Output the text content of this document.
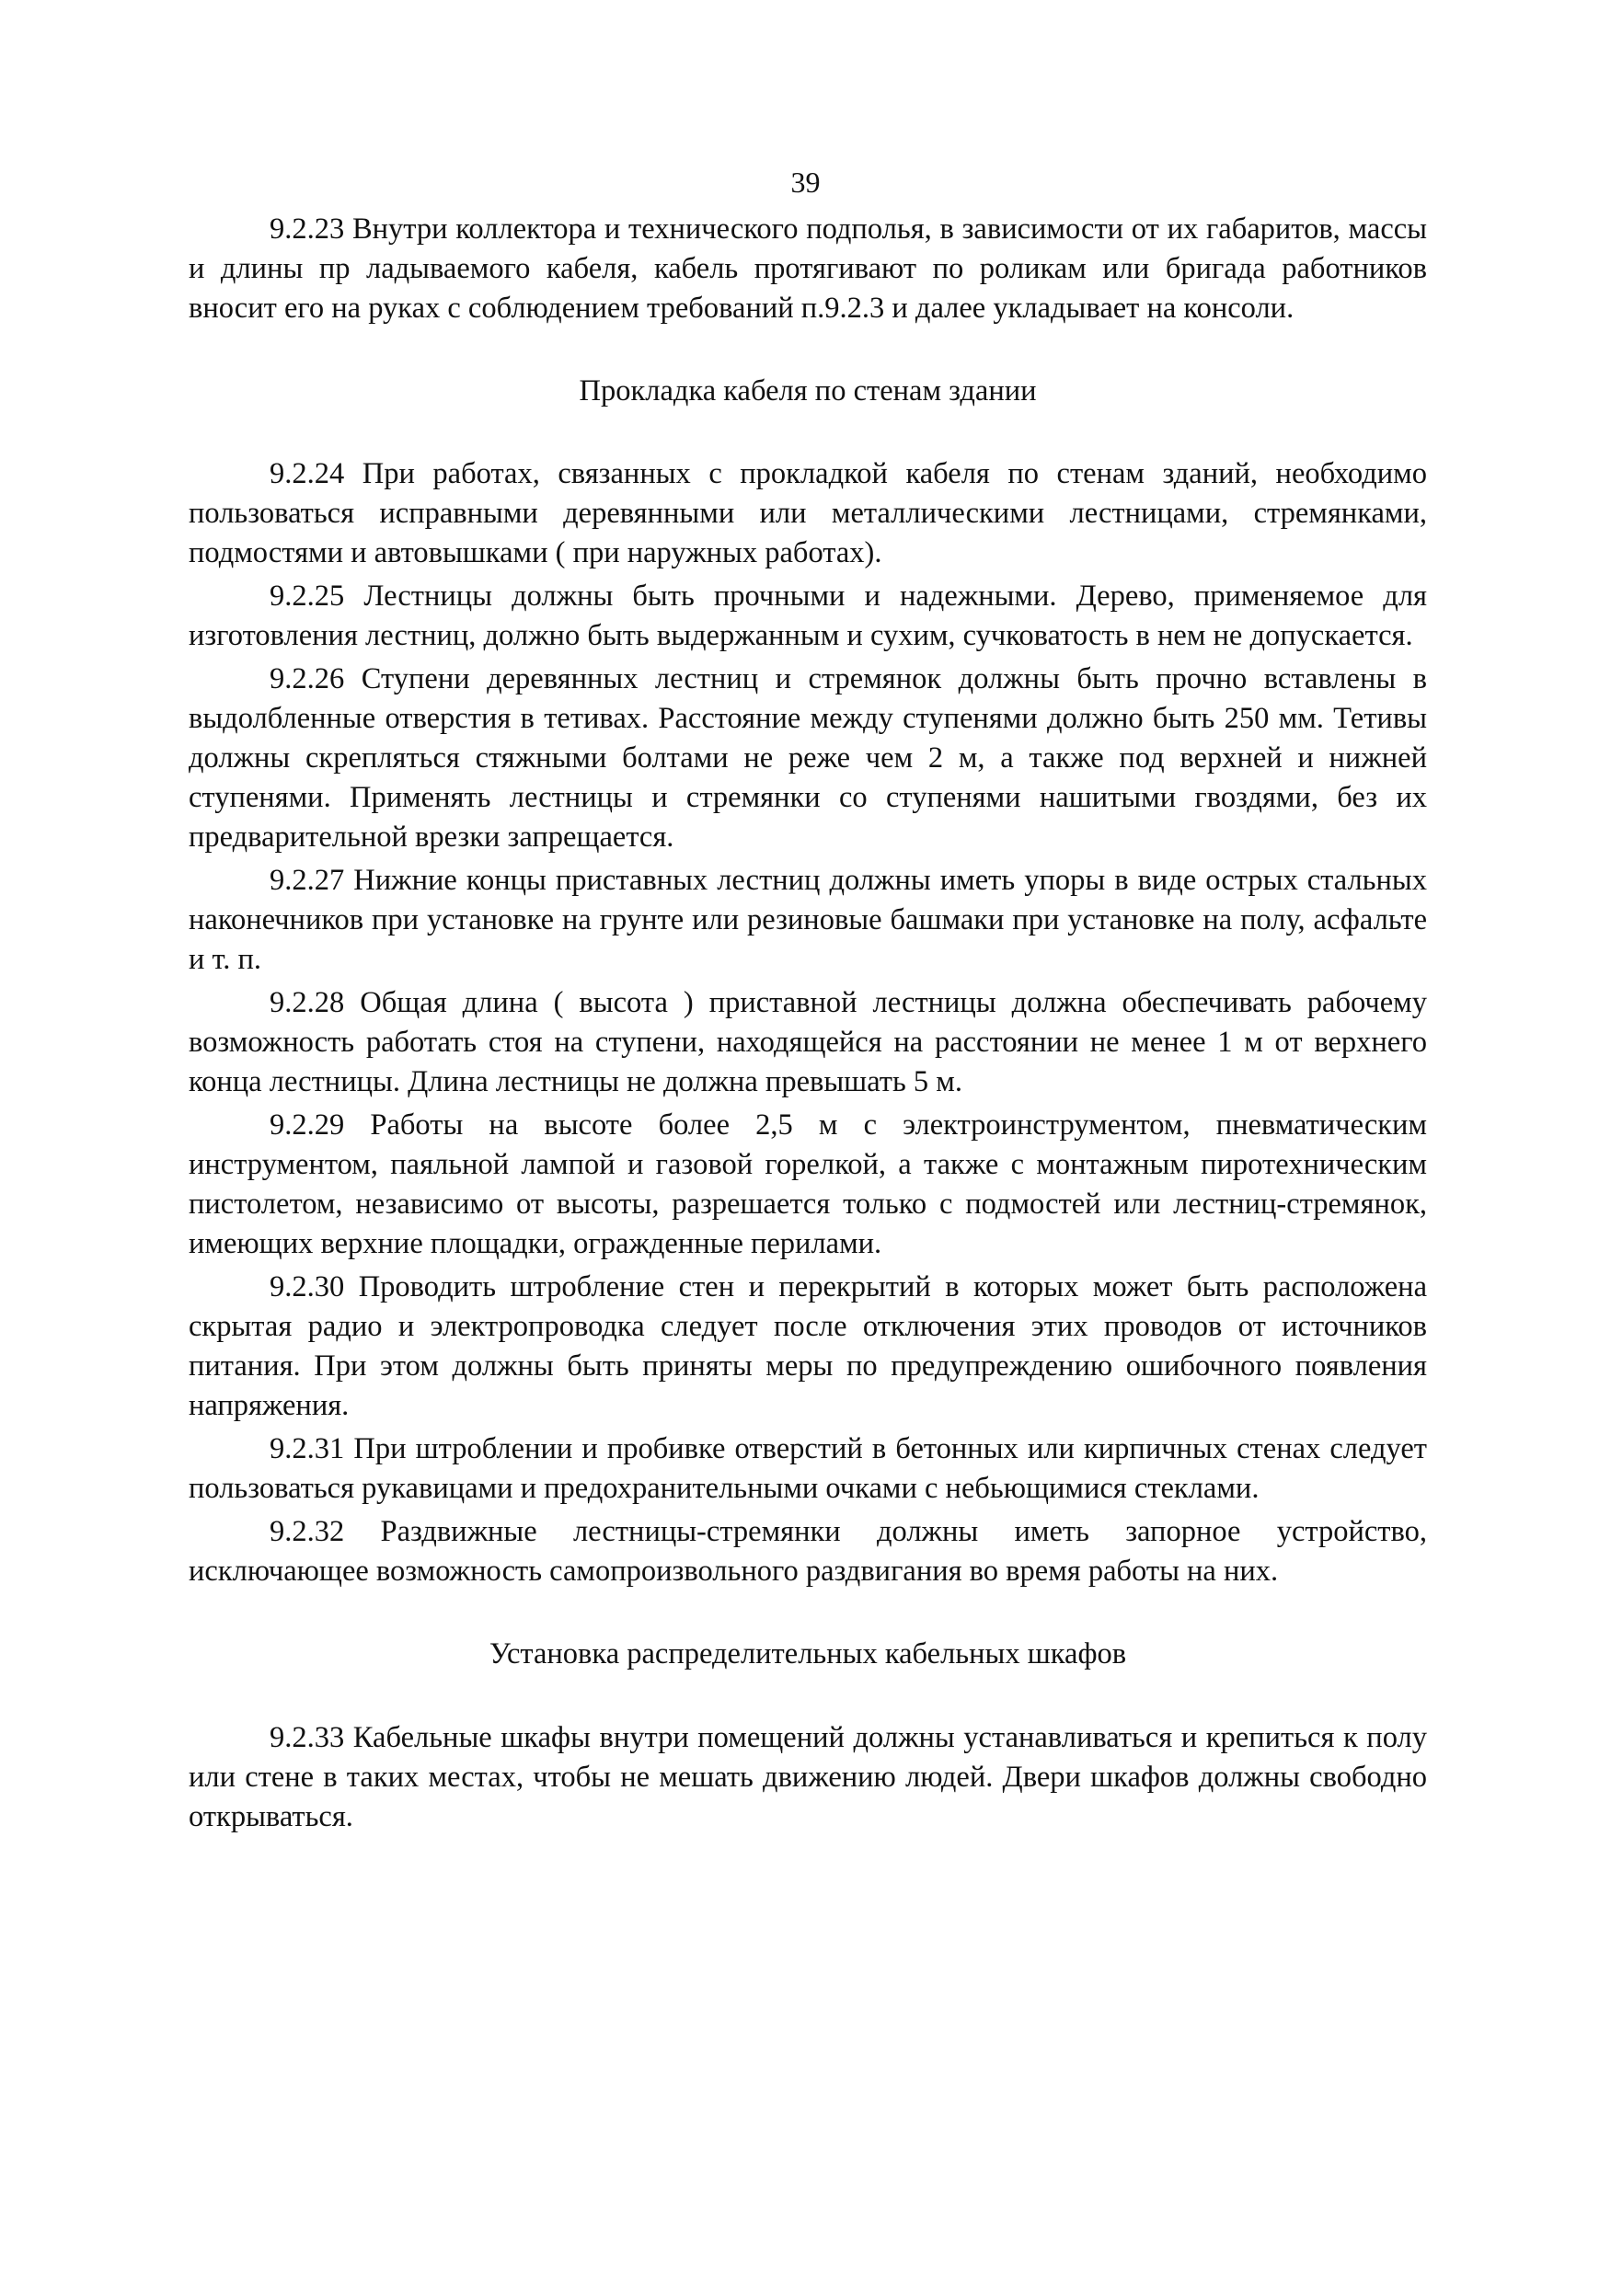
39

9.2.23 Внутри коллектора и технического подполья, в зависимости от их габаритов, массы и длины пр ладываемого кабеля, кабель протягивают по роликам или бригада работников вносит его на руках с соблюдением требований п.9.2.3 и далее укладывает на консоли.

Прокладка кабеля по стенам здании

9.2.24 При работах, связанных с прокладкой кабеля по стенам зданий, необходимо пользоваться исправными деревянными или металлическими лестницами, стремянками, подмостями и автовышками ( при наружных работах).

9.2.25 Лестницы должны быть прочными и надежными. Дерево, применяемое для изготовления лестниц, должно быть выдержанным и сухим, сучковатость в нем не допускается.

9.2.26 Ступени деревянных лестниц и стремянок должны быть прочно вставлены в выдолбленные отверстия в тетивах. Расстояние между ступенями должно быть 250 мм. Тетивы должны скрепляться стяжными болтами не реже чем 2 м, а также под верхней и нижней ступенями. Применять лестницы и стремянки со ступенями нашитыми гвоздями, без их предварительной врезки запрещается.

9.2.27 Нижние концы приставных лестниц должны иметь упоры в виде острых стальных наконечников при установке на грунте или резиновые башмаки при установке на полу, асфальте и т. п.

9.2.28 Общая длина ( высота ) приставной лестницы должна обеспечивать рабочему возможность работать стоя на ступени, находящейся на расстоянии не менее 1 м от верхнего конца лестницы. Длина лестницы не должна превышать 5 м.

9.2.29 Работы на высоте более 2,5 м с электроинструментом, пневматическим инструментом, паяльной лампой и газовой горелкой, а также с монтажным пиротехническим пистолетом, независимо от высоты, разрешается только с подмостей или лестниц-стремянок, имеющих верхние площадки, огражденные перилами.

9.2.30 Проводить штробление стен и перекрытий в которых может быть расположена скрытая радио и электропроводка следует после отключения этих проводов от источников питания. При этом должны быть приняты меры по предупреждению ошибочного появления напряжения.

9.2.31 При штроблении и пробивке отверстий в бетонных или кирпичных стенах следует пользоваться рукавицами и предохранительными очками с небьющимися стеклами.

9.2.32 Раздвижные лестницы-стремянки должны иметь запорное устройство, исключающее возможность самопроизвольного раздвигания во время работы на них.

Установка распределительных кабельных шкафов

9.2.33 Кабельные шкафы внутри помещений должны устанавливаться и крепиться к полу или стене в таких местах, чтобы не мешать движению людей. Двери шкафов должны свободно открываться.
